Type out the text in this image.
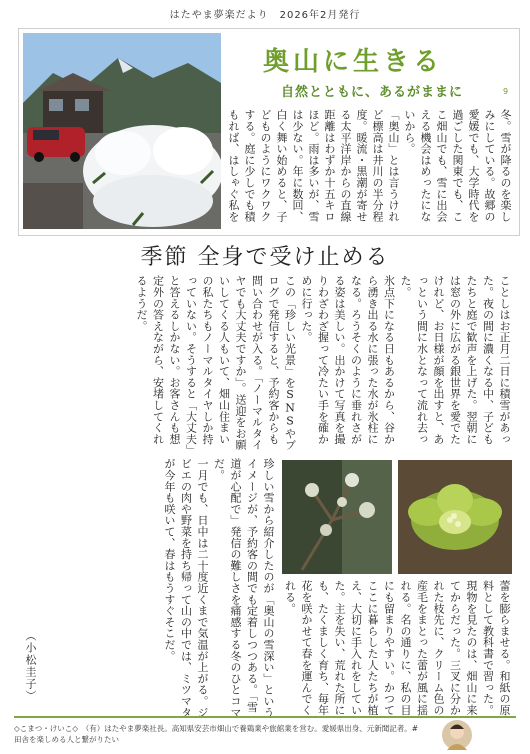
はたやま夢楽だより　2026年2月発行
奥山に生きる
自然とともに、あるがままに	9
冬。雪が降るのを楽しみにしている。故郷の愛媛でも、大学時代を過ごした関東でも、ここ畑山でも、雪に出会える機会はめったにないから。
「奥山」とは言うけれど標高は井川の半分程度。暖流・黒潮が寄せる太平洋岸からの直線距離はわずか十五キロほど。雨は多いが、雪は少ない。年に数回、白く舞い始めると、子どものようにワクワクする。庭に少しでも積もれば、はしゃぐ私を
季節 全身で受け止める
ことしはお正月二日に積雪があった。夜の間に濃くなる中、子どもたちと庭で歓声を上げた。翌朝には窓の外に広がる銀世界を愛でたけれど、お日様が顔を出すと、あっという間に水となって流れ去った。
氷点下になる日もあるから、谷から湧き出る水に張った水が氷柱になる。ろうそくのように垂れさがる姿は美しい。出かけて写真を撮りわざわざ握って冷たい手を確かめに行った。
この「珍しい光景」をSNSやブログで発信すると、予約客からも問い合わせが入る。「ノーマルタイヤでも大丈夫ですか」。送迎をお願いしてくる人もいて、畑山住まいの私たちもノーマルタイヤしか持っていない。そうすると「大丈夫」と答えるしかない。お客さんも想定外の答えながら、安堵してくれるようだ。
珍しい雪から紹介したのが「奥山の雪深い」というイメージが、予約客の間でも定着しつつある。「雪道が心配で」発信の難しさを痛感する冬のひとコマだ。
一月でも、日中は二十度近くまで気温が上がる。ジビエの肉や野菜を持ち帰って山の中では、ミツマタが今年も咲いて、春はもうすぐそこだ。	蕾を膨らませる。和紙の原料として教科書で習った。現物を見たのは、畑山に来てからだった。三叉に分かれた枝先に、クリーム色の産毛をまとった蕾が風に揺れる。名の通りに、私の目にも留まりやすい。かつてここに暮らした人たちが植え、大切に手入れをしていた。主を失い、荒れた所にも、たくましく育ち、毎年花を咲かせて春を運んでくれる。

（小松圭子）
◇こまつ・けいこ◇　（有）はたやま夢楽社長。高知県安芸市畑山で養鶏業や旅館業を営む。愛媛県出身、元新聞記者。#田舎を楽しめる人と繋がりたい
